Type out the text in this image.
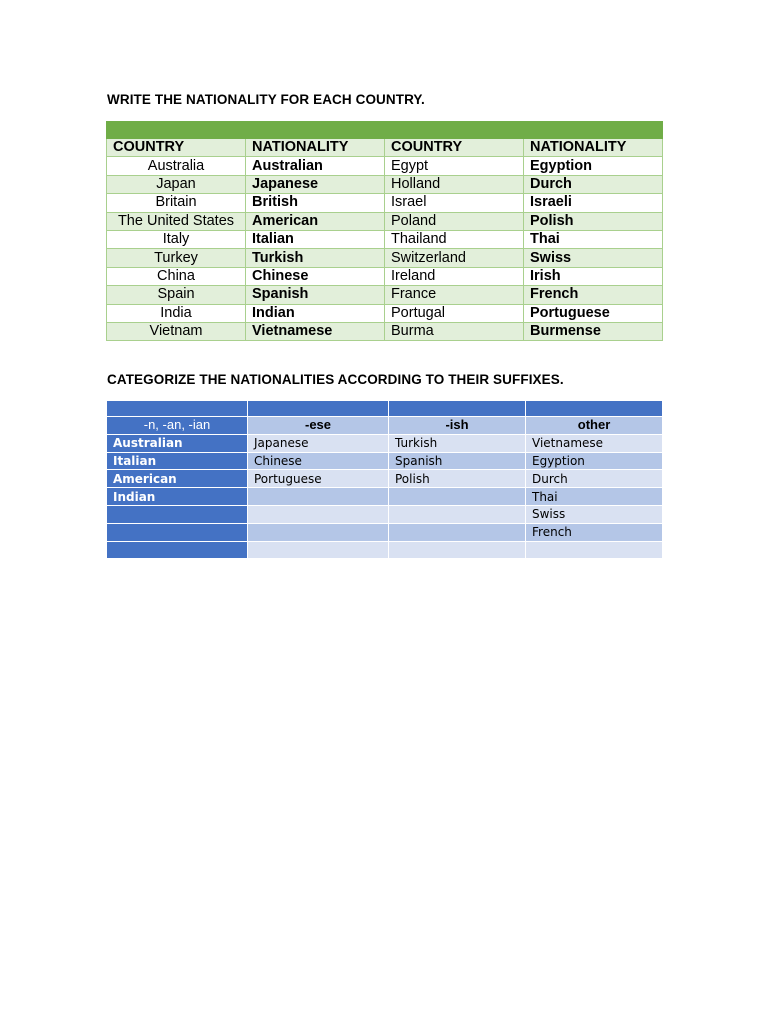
WRITE THE NATIONALITY FOR EACH COUNTRY.

COUNTRY	NATIONALITY	COUNTRY	NATIONALITY
Australia	Australian	Egypt	Egyption
Japan	Japanese	Holland	Durch
Britain	British	Israel	Israeli
The United States	American	Poland	Polish
Italy	Italian	Thailand	Thai
Turkey	Turkish	Switzerland	Swiss
China	Chinese	Ireland	Irish
Spain	Spanish	France	French
India	Indian	Portugal	Portuguese
Vietnam	Vietnamese	Burma	Burmense
CATEGORIZE THE NATIONALITIES ACCORDING TO THEIR SUFFIXES.

-n, -an, -ian	-ese	-ish	other
Australian	Japanese	Turkish	Vietnamese
Italian	Chinese	Spanish	Egyption
American	Portuguese	Polish	Durch
Indian			Thai
			Swiss
			French
